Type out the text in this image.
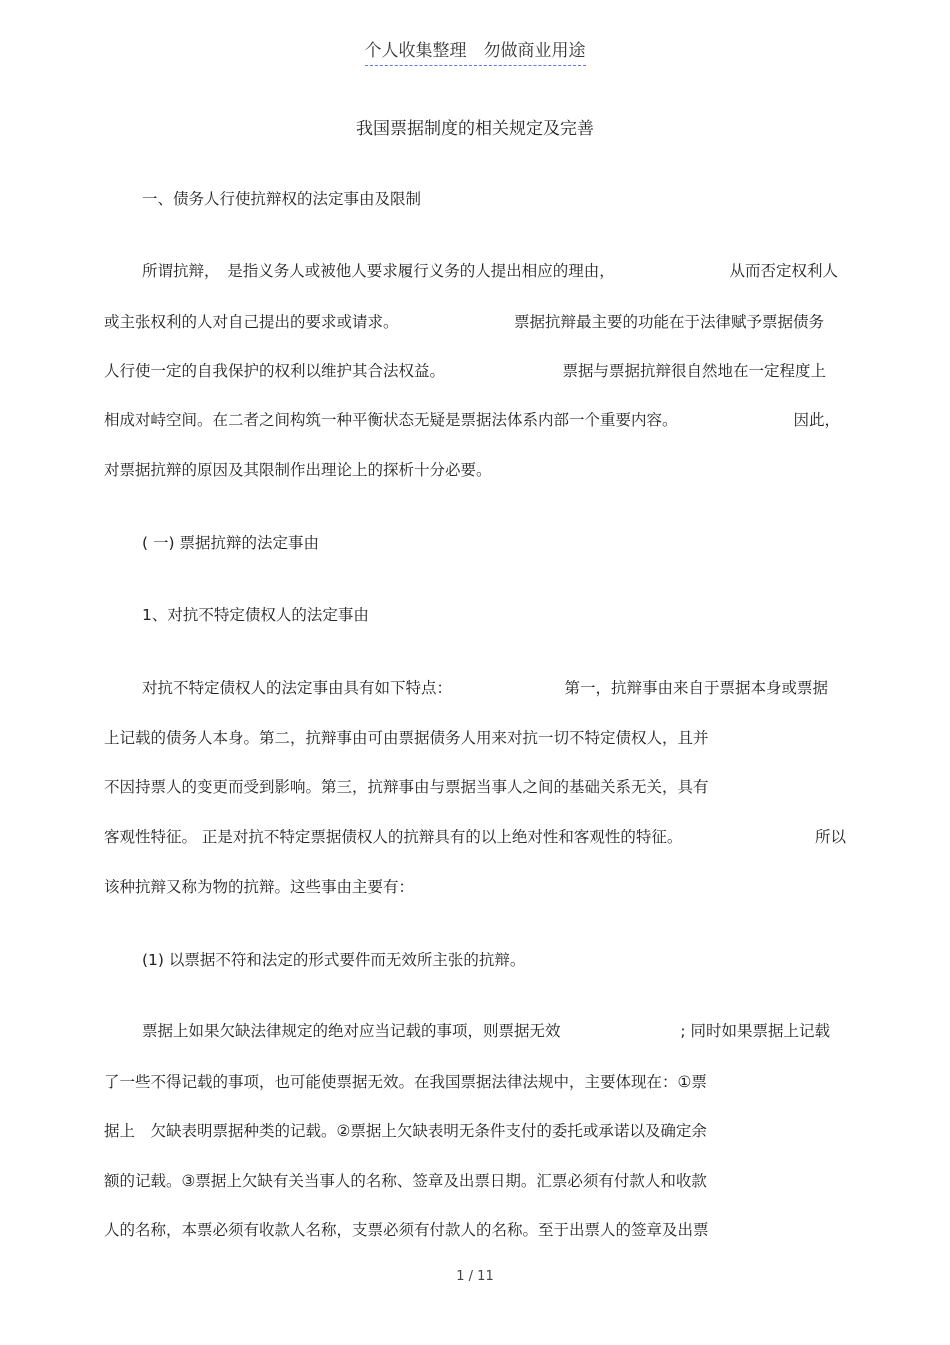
个人收集整理　勿做商业用途
我国票据制度的相关规定及完善
一、债务人行使抗辩权的法定事由及限制
所谓抗辩，　是指义务人或被他人要求履行义务的人提出相应的理由，	从而否定权利人
或主张权利的人对自己提出的要求或请求。	票据抗辩最主要的功能在于法律赋予票据债务
人行使一定的自我保护的权利以维护其合法权益。	票据与票据抗辩很自然地在一定程度上
相成对峙空间。在二者之间构筑一种平衡状态无疑是票据法体系内部一个重要内容。	因此，
对票据抗辩的原因及其限制作出理论上的探析十分必要。
( 一) 票据抗辩的法定事由
1、对抗不特定债权人的法定事由
对抗不特定债权人的法定事由具有如下特点：	第一，抗辩事由来自于票据本身或票据
上记载的债务人本身。第二，抗辩事由可由票据债务人用来对抗一切不特定债权人，且并
不因持票人的变更而受到影响。第三，抗辩事由与票据当事人之间的基础关系无关，具有
客观性特征。 正是对抗不特定票据债权人的抗辩具有的以上绝对性和客观性的特征。	所以
该种抗辩又称为物的抗辩。这些事由主要有：
(1) 以票据不符和法定的形式要件而无效所主张的抗辩。
票据上如果欠缺法律规定的绝对应当记载的事项，则票据无效	; 同时如果票据上记载
了一些不得记载的事项，也可能使票据无效。在我国票据法律法规中，主要体现在：①票
据上　欠缺表明票据种类的记载。②票据上欠缺表明无条件支付的委托或承诺以及确定余
额的记载。③票据上欠缺有关当事人的名称、签章及出票日期。汇票必须有付款人和收款
人的名称，本票必须有收款人名称，支票必须有付款人的名称。至于出票人的签章及出票
1 / 11
